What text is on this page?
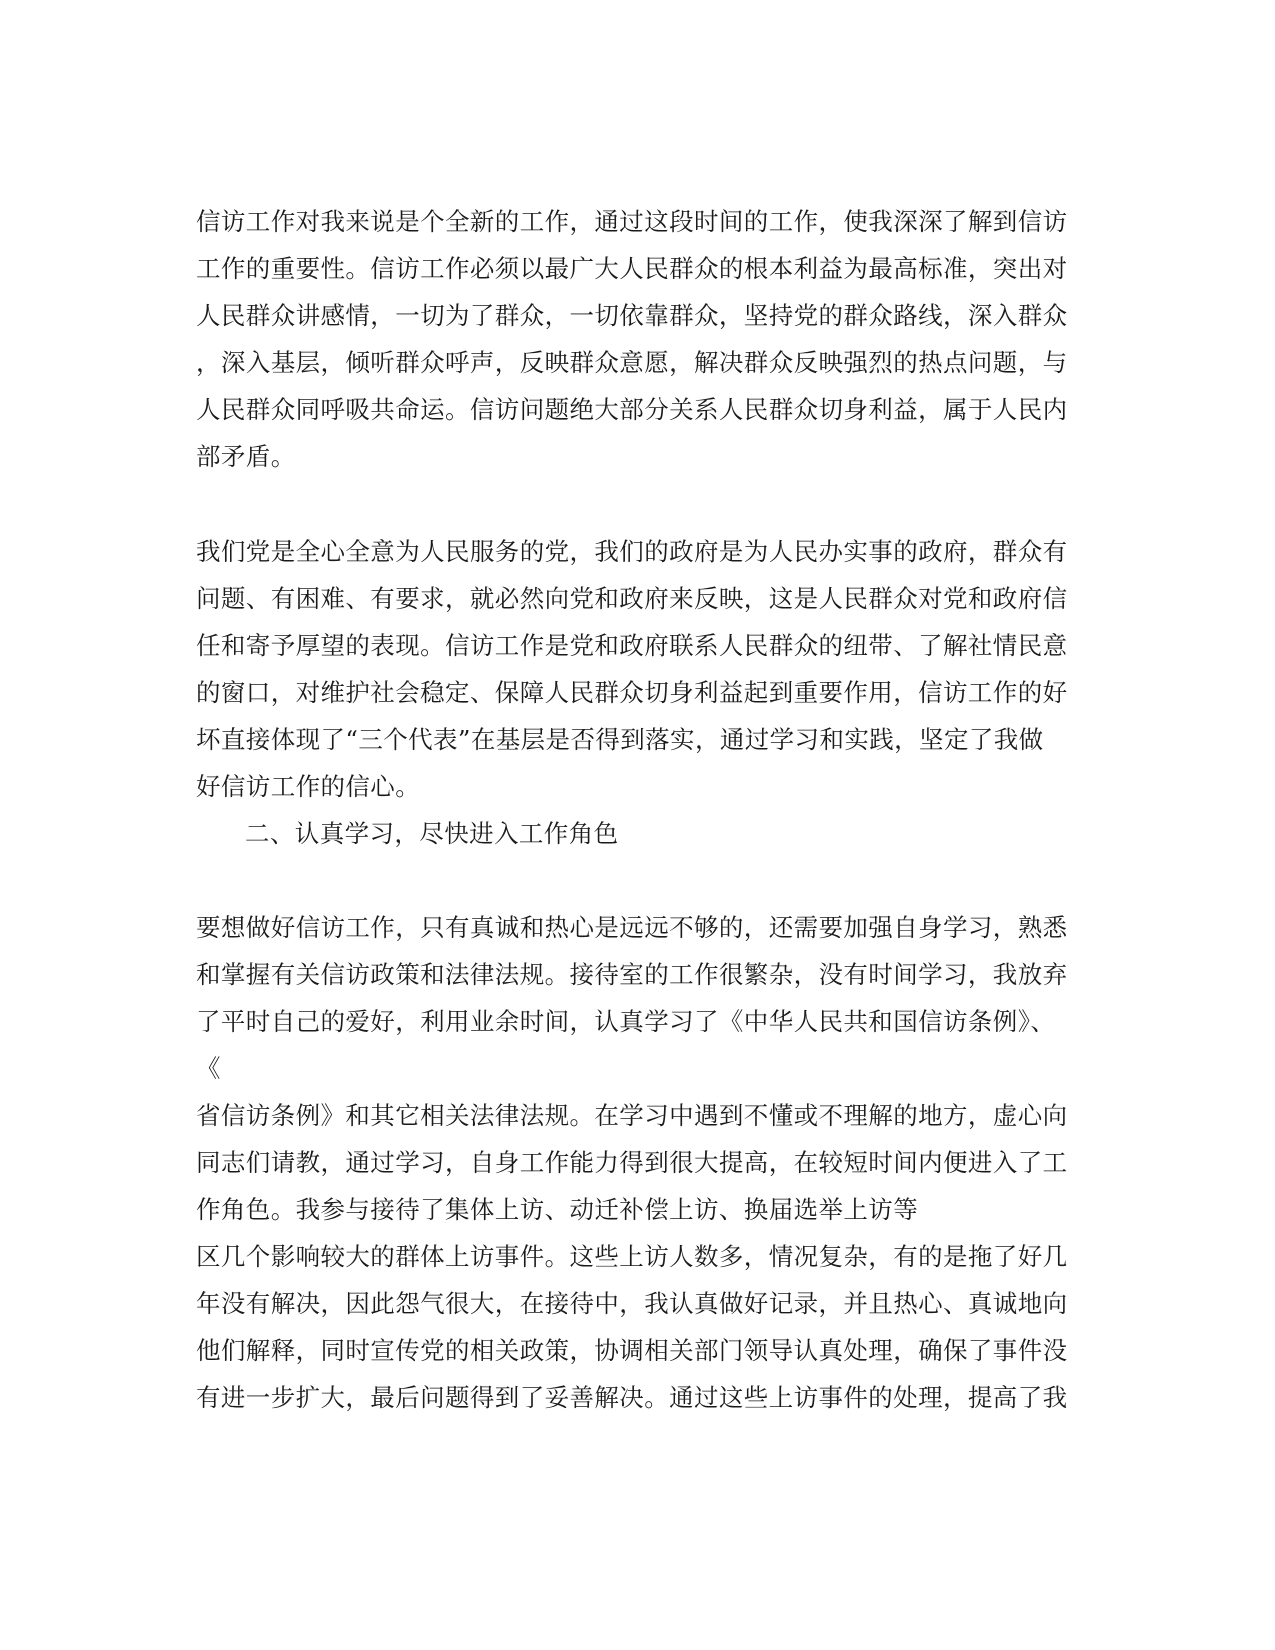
信访工作对我来说是个全新的工作，通过这段时间的工作，使我深深了解到信访
工作的重要性。信访工作必须以最广大人民群众的根本利益为最高标准，突出对
人民群众讲感情，一切为了群众，一切依靠群众，坚持党的群众路线，深入群众
，深入基层，倾听群众呼声，反映群众意愿，解决群众反映强烈的热点问题，与
人民群众同呼吸共命运。信访问题绝大部分关系人民群众切身利益，属于人民内
部矛盾。
我们党是全心全意为人民服务的党，我们的政府是为人民办实事的政府，群众有
问题、有困难、有要求，就必然向党和政府来反映，这是人民群众对党和政府信
任和寄予厚望的表现。信访工作是党和政府联系人民群众的纽带、了解社情民意
的窗口，对维护社会稳定、保障人民群众切身利益起到重要作用，信访工作的好
坏直接体现了“三个代表”在基层是否得到落实，通过学习和实践，坚定了我做
好信访工作的信心。
二、认真学习，尽快进入工作角色
要想做好信访工作，只有真诚和热心是远远不够的，还需要加强自身学习，熟悉
和掌握有关信访政策和法律法规。接待室的工作很繁杂，没有时间学习，我放弃
了平时自己的爱好，利用业余时间，认真学习了《中华人民共和国信访条例》、
《
省信访条例》和其它相关法律法规。在学习中遇到不懂或不理解的地方，虚心向
同志们请教，通过学习，自身工作能力得到很大提高，在较短时间内便进入了工
作角色。我参与接待了集体上访、动迁补偿上访、换届选举上访等
区几个影响较大的群体上访事件。这些上访人数多，情况复杂，有的是拖了好几
年没有解决，因此怨气很大，在接待中，我认真做好记录，并且热心、真诚地向
他们解释，同时宣传党的相关政策，协调相关部门领导认真处理，确保了事件没
有进一步扩大，最后问题得到了妥善解决。通过这些上访事件的处理，提高了我
